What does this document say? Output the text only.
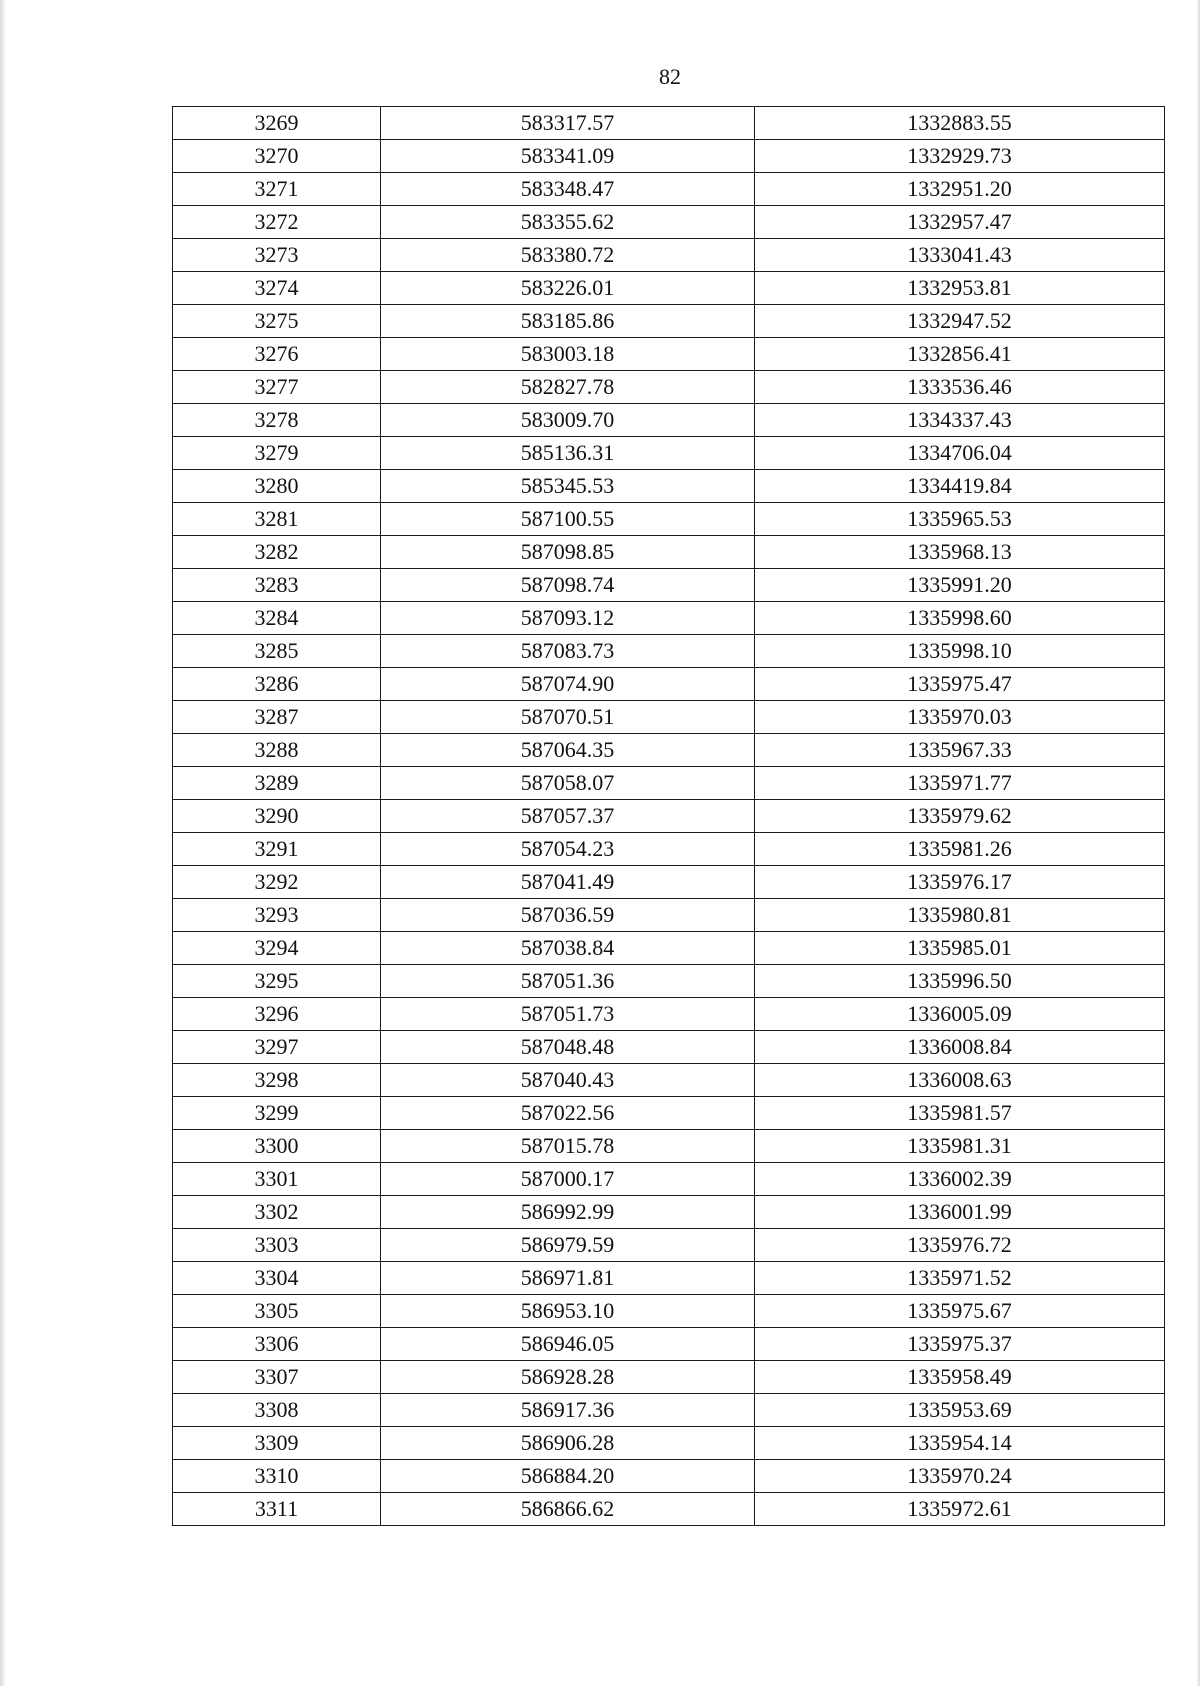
82
3269	583317.57	1332883.55
3270	583341.09	1332929.73
3271	583348.47	1332951.20
3272	583355.62	1332957.47
3273	583380.72	1333041.43
3274	583226.01	1332953.81
3275	583185.86	1332947.52
3276	583003.18	1332856.41
3277	582827.78	1333536.46
3278	583009.70	1334337.43
3279	585136.31	1334706.04
3280	585345.53	1334419.84
3281	587100.55	1335965.53
3282	587098.85	1335968.13
3283	587098.74	1335991.20
3284	587093.12	1335998.60
3285	587083.73	1335998.10
3286	587074.90	1335975.47
3287	587070.51	1335970.03
3288	587064.35	1335967.33
3289	587058.07	1335971.77
3290	587057.37	1335979.62
3291	587054.23	1335981.26
3292	587041.49	1335976.17
3293	587036.59	1335980.81
3294	587038.84	1335985.01
3295	587051.36	1335996.50
3296	587051.73	1336005.09
3297	587048.48	1336008.84
3298	587040.43	1336008.63
3299	587022.56	1335981.57
3300	587015.78	1335981.31
3301	587000.17	1336002.39
3302	586992.99	1336001.99
3303	586979.59	1335976.72
3304	586971.81	1335971.52
3305	586953.10	1335975.67
3306	586946.05	1335975.37
3307	586928.28	1335958.49
3308	586917.36	1335953.69
3309	586906.28	1335954.14
3310	586884.20	1335970.24
3311	586866.62	1335972.61
